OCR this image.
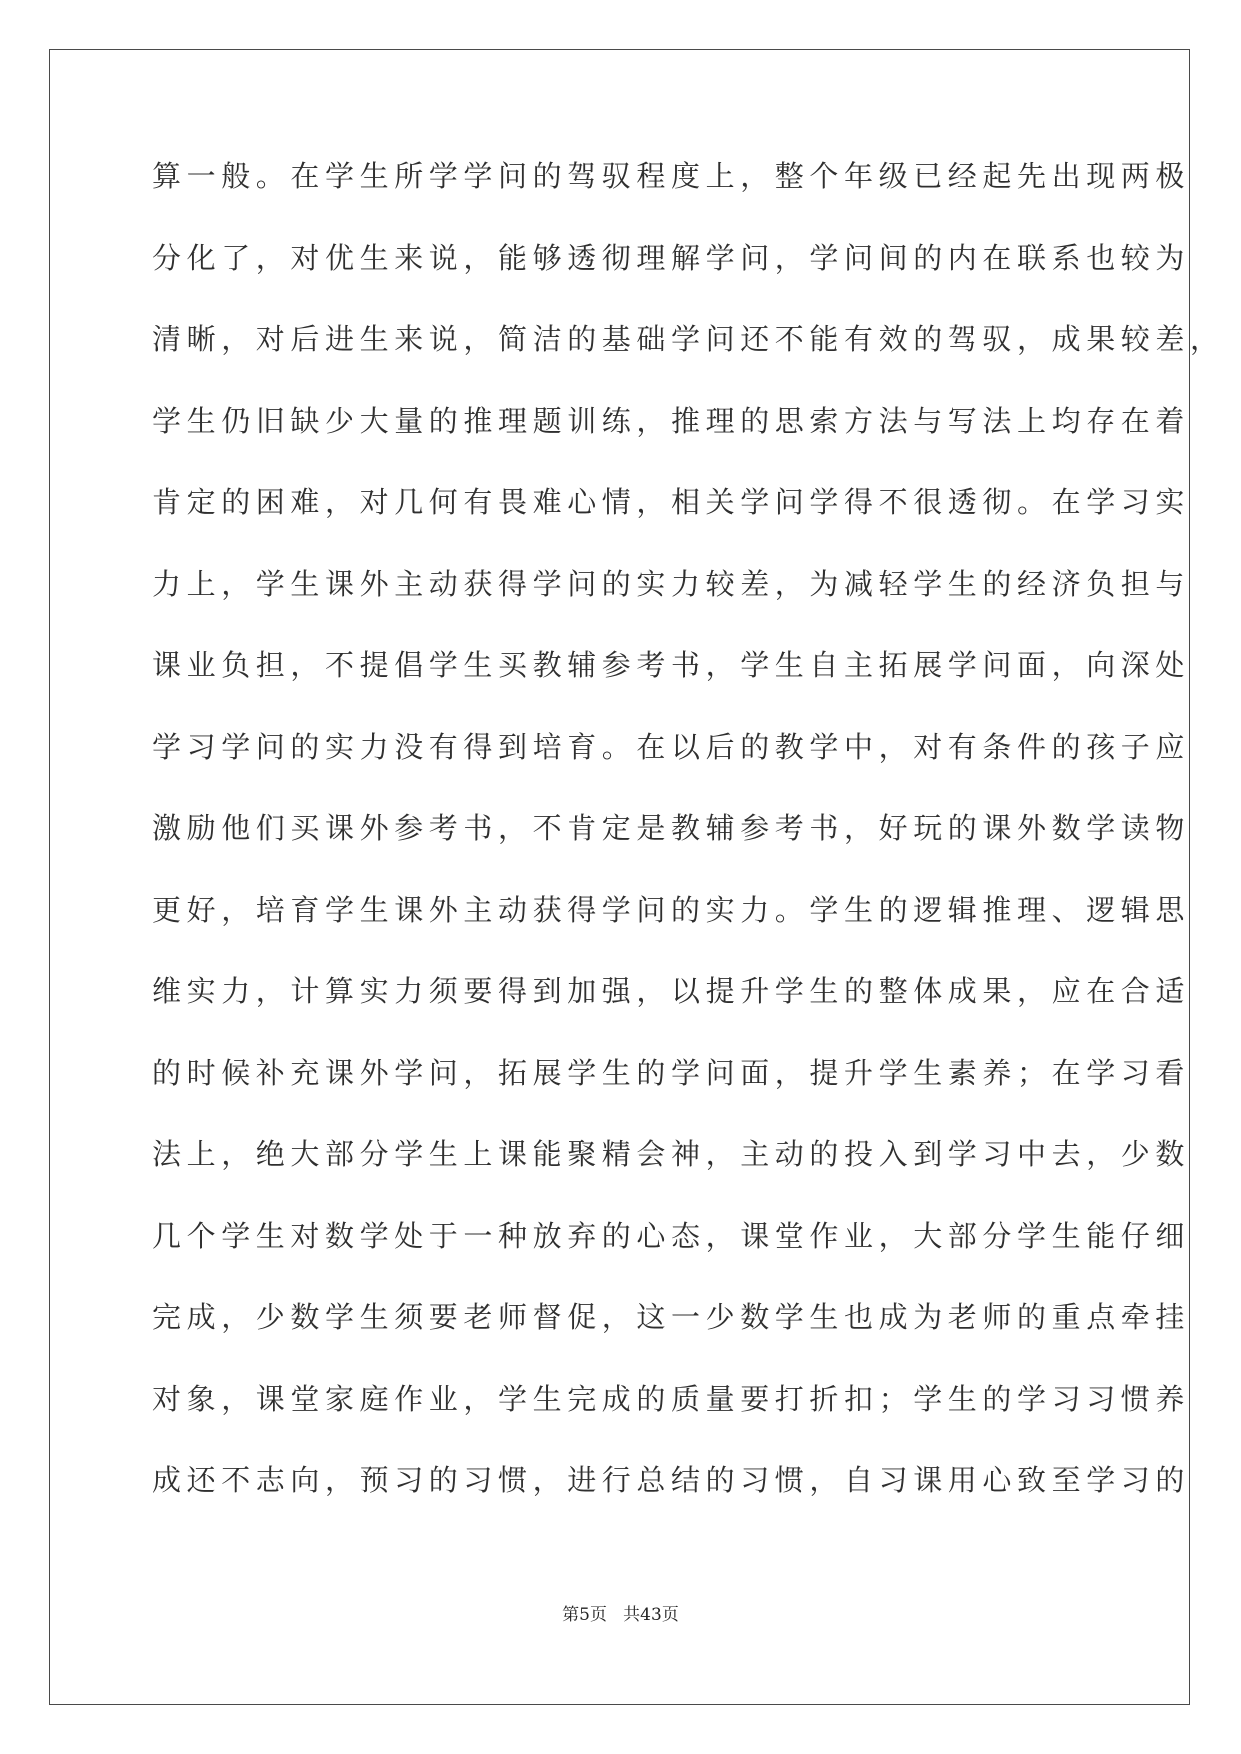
算一般。在学生所学学问的驾驭程度上，整个年级已经起先出现两极
分化了，对优生来说，能够透彻理解学问，学问间的内在联系也较为
清晰，对后进生来说，简洁的基础学问还不能有效的驾驭，成果较差，
学生仍旧缺少大量的推理题训练，推理的思索方法与写法上均存在着
肯定的困难，对几何有畏难心情，相关学问学得不很透彻。在学习实
力上，学生课外主动获得学问的实力较差，为减轻学生的经济负担与
课业负担，不提倡学生买教辅参考书，学生自主拓展学问面，向深处
学习学问的实力没有得到培育。在以后的教学中，对有条件的孩子应
激励他们买课外参考书，不肯定是教辅参考书，好玩的课外数学读物
更好，培育学生课外主动获得学问的实力。学生的逻辑推理、逻辑思
维实力，计算实力须要得到加强，以提升学生的整体成果，应在合适
的时候补充课外学问，拓展学生的学问面，提升学生素养；在学习看
法上，绝大部分学生上课能聚精会神，主动的投入到学习中去，少数
几个学生对数学处于一种放弃的心态，课堂作业，大部分学生能仔细
完成，少数学生须要老师督促，这一少数学生也成为老师的重点牵挂
对象，课堂家庭作业，学生完成的质量要打折扣；学生的学习习惯养
成还不志向，预习的习惯，进行总结的习惯，自习课用心致至学习的
第5页   共43页
